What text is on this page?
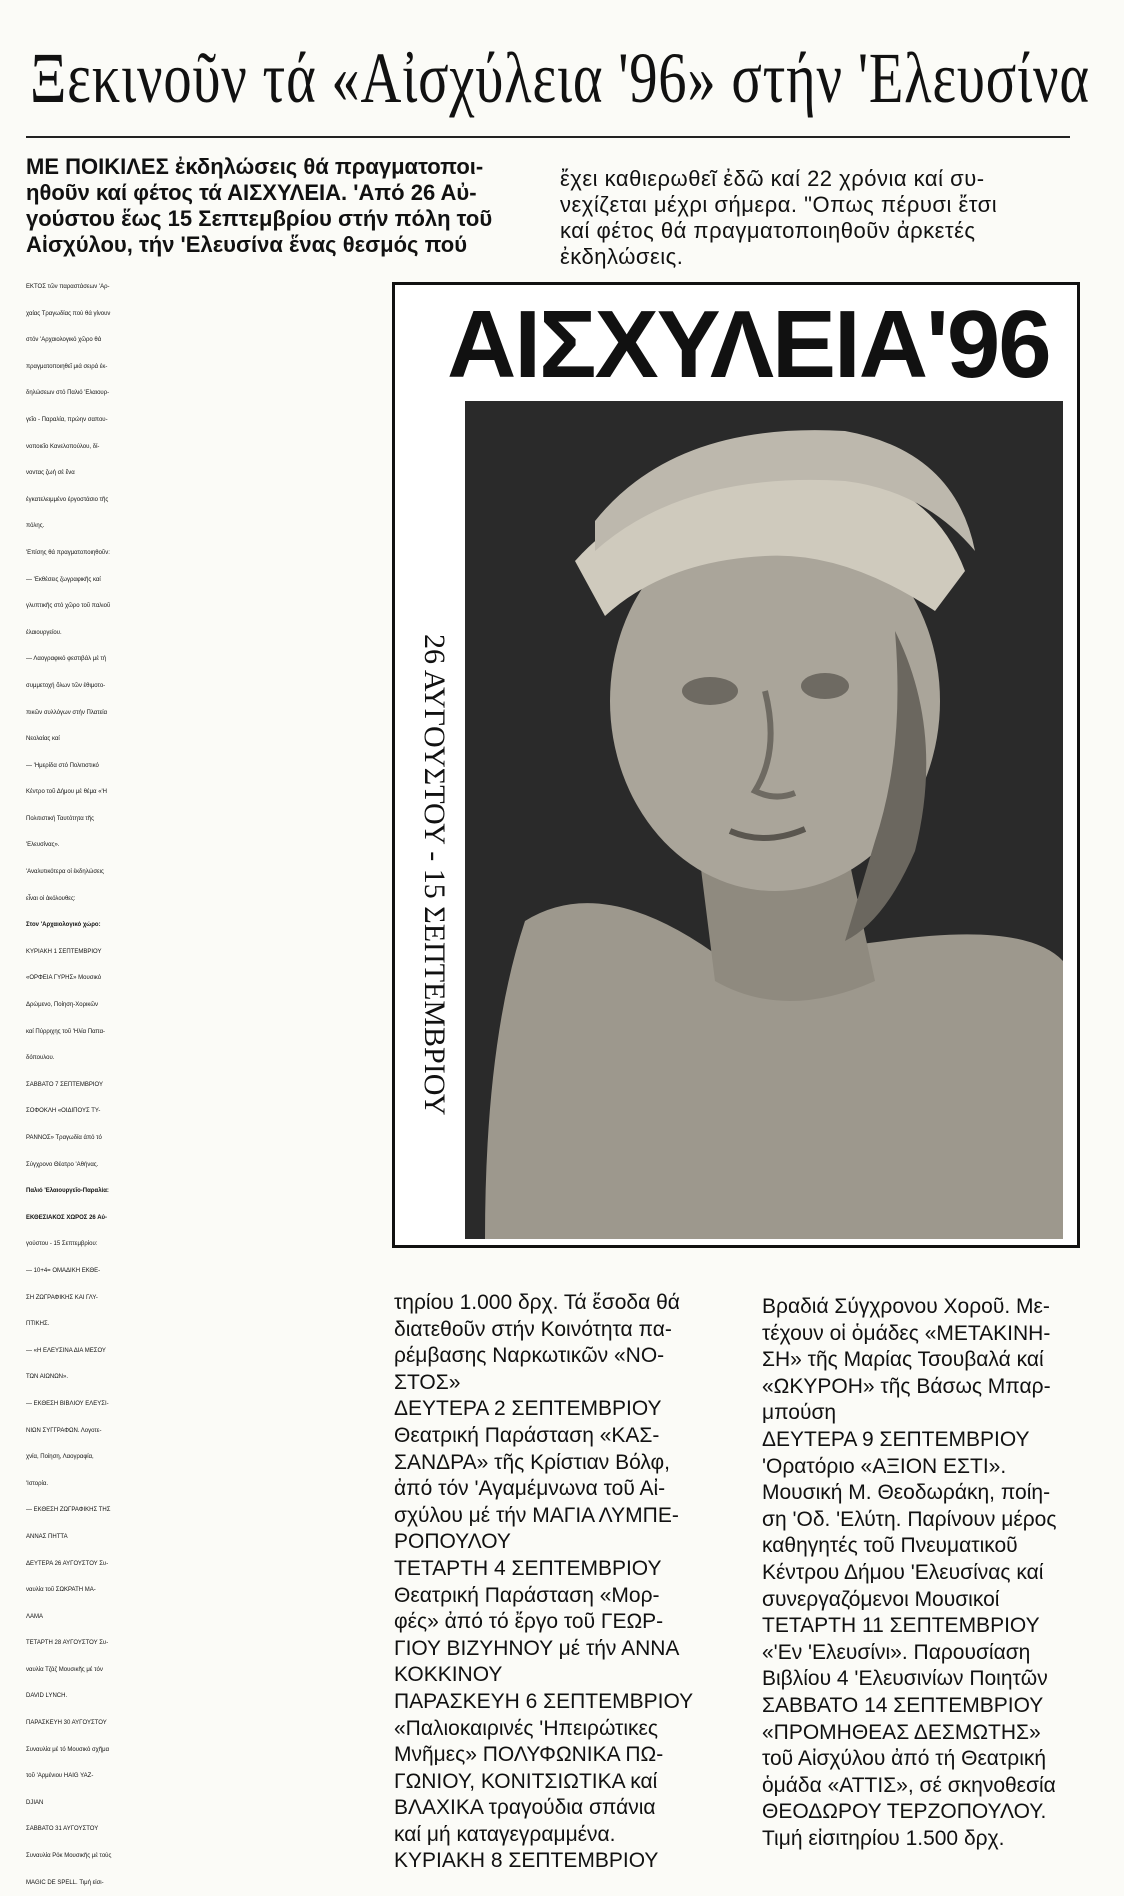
Ξεκινοῦν τά «Αἰσχύλεια '96» στήν 'Ελευσίνα

ΜΕ ΠΟΙΚΙΛΕΣ ἐκδηλώσεις θά πραγματοποι-

ηθοῦν καί φέτος τά ΑΙΣΧΥΛΕΙΑ. 'Από 26 Αὐ-

γούστου ἕως 15 Σεπτεμβρίου στήν πόλη τοῦ

Αἰσχύλου, τήν 'Ελευσίνα ἕνας θεσμός πού

ἔχει καθιερωθεῖ ἐδῶ καί 22 χρόνια καί συ-

νεχίζεται μέχρι σήμερα. "Οπως πέρυσι ἔτσι

καί φέτος θά πραγματοποιηθοῦν ἀρκετές

ἐκδηλώσεις.

ΕΚΤΟΣ τῶν παραστάσεων 'Αρ-

χαίας Τραγωδίας πού θά γίνουν

στόν 'Αρχαιολογικό χῶρο θά

πραγματοποιηθεῖ μιά σειρά ἐκ-

δηλώσεων στό Παλιό 'Ελαιουρ-

γεῖο - Παραλία, πρώην σαπου-

νοποιεῖο Κανελοπούλου, δί-

νοντας ζωή σέ ἕνα

ἐγκατελειμμένο ἐργοστάσιο τῆς

πόλης.

'Επίσης θά πραγματοποιηθοῦν:

— 'Εκθέσεις ζωγραφικῆς καί

γλυπτικῆς στό χῶρο τοῦ παλιοῦ

ἐλαιουργείου.

— Λαογραφικό φεστιβάλ μέ τή

συμμετοχή ὅλων τῶν ἐθιμοτο-

πικῶν συλλόγων στήν Πλατεία

Νεολαίας καί

— 'Ημερίδα στό Πολιτιστικό

Κέντρο τοῦ Δήμου μέ θέμα «'Η

Πολιτιστική Ταυτότητα τῆς

'Ελευσίνας».

'Αναλυτικότερα οἱ ἐκδηλώσεις

εἶναι οἱ ἀκόλουθες:

Στον 'Αρχαιολογικό χώρο:

ΚΥΡΙΑΚΗ 1 ΣΕΠΤΕΜΒΡΙΟΥ

«ΟΡΦΕΙΑ ΓΥΡΗΣ» Μουσικό

Δρώμενο, Ποίηση-Χορικῶν

καί Πύρριχης τοῦ 'Ηλία Παπα-

δόπουλου.

ΣΑΒΒΑΤΟ 7 ΣΕΠΤΕΜΒΡΙΟΥ

ΣΟΦΟΚΛΗ «ΟΙΔΙΠΟΥΣ ΤΥ-

ΡΑΝΝΟΣ» Τραγωδία ἀπό τό

Σύγχρονο Θέατρο 'Αθήνας.

Παλιό 'Ελαιουργεῖο-Παραλία:

ΕΚΘΕΣΙΑΚΟΣ ΧΩΡΟΣ 26 Αὐ-

γούστου - 15 Σεπτεμβρίου:

— 10+4= ΟΜΑΔΙΚΗ ΕΚΘΕ-

ΣΗ ΖΩΓΡΑΦΙΚΗΣ ΚΑΙ ΓΛΥ-

ΠΤΙΚΗΣ.

— «Η ΕΛΕΥΣΙΝΑ ΔΙΑ ΜΕΣΟΥ

ΤΩΝ ΑΙΩΝΩΝ».

— ΕΚΘΕΣΗ ΒΙΒΛΙΟΥ ΕΛΕΥΣΙ-

ΝΙΩΝ ΣΥΓΓΡΑΦΩΝ. Λογοτε-

χνία, Ποίηση, Λαογραφία,

'Ιστορία.

— ΕΚΘΕΣΗ ΖΩΓΡΑΦΙΚΗΣ ΤΗΣ

ΑΝΝΑΣ ΠΗΤΤΑ

ΔΕΥΤΕΡΑ 26 ΑΥΓΟΥΣΤΟΥ Συ-

ναυλία τοῦ ΣΩΚΡΑΤΗ ΜΑ-

ΛΑΜΑ

ΤΕΤΑΡΤΗ 28 ΑΥΓΟΥΣΤΟΥ Συ-

ναυλία Τζάζ Μουσικῆς μέ τόν

DAVID LYNCH.

ΠΑΡΑΣΚΕΥΗ 30 ΑΥΓΟΥΣΤΟΥ

Συναυλία μέ τό Μουσικό σχῆμα

τοῦ 'Αρμένιου HAIG YAZ-

DJIAN

ΣΑΒΒΑΤΟ 31 ΑΥΓΟΥΣΤΟΥ

Συναυλία Ρόκ Μουσικῆς μέ τούς

MAGIC DE SPELL. Τιμή εἰσι-

τηρίου 1.000 δρχ. Τά ἔσοδα θά

διατεθοῦν στήν Κοινότητα πα-

ρέμβασης Ναρκωτικῶν «ΝΟ-

ΣΤΟΣ»

ΔΕΥΤΕΡΑ 2 ΣΕΠΤΕΜΒΡΙΟΥ

Θεατρική Παράσταση «ΚΑΣ-

ΣΑΝΔΡΑ» τῆς Κρίστιαν Βόλφ,

ἀπό τόν 'Αγαμέμνωνα τοῦ Αἰ-

σχύλου μέ τήν ΜΑΓΙΑ ΛΥΜΠΕ-

ΡΟΠΟΥΛΟΥ

ΤΕΤΑΡΤΗ 4 ΣΕΠΤΕΜΒΡΙΟΥ

Θεατρική Παράσταση «Μορ-

φές» ἀπό τό ἔργο τοῦ ΓΕΩΡ-

ΓΙΟΥ ΒΙΖΥΗΝΟΥ μέ τήν ΑΝΝΑ

ΚΟΚΚΙΝΟΥ

ΠΑΡΑΣΚΕΥΗ 6 ΣΕΠΤΕΜΒΡΙΟΥ

«Παλιοκαιρινές 'Ηπειρώτικες

Μνῆμες» ΠΟΛΥΦΩΝΙΚΑ ΠΩ-

ΓΩΝΙΟΥ, ΚΟΝΙΤΣΙΩΤΙΚΑ καί

ΒΛΑΧΙΚΑ τραγούδια σπάνια

καί μή καταγεγραμμένα.

ΚΥΡΙΑΚΗ 8 ΣΕΠΤΕΜΒΡΙΟΥ

Βραδιά Σύγχρονου Χοροῦ. Με-

τέχουν οἱ ὁμάδες «ΜΕΤΑΚΙΝΗ-

ΣΗ» τῆς Μαρίας Τσουβαλά καί

«ΩΚΥΡΟΗ» τῆς Βάσως Μπαρ-

μπούση

ΔΕΥΤΕΡΑ 9 ΣΕΠΤΕΜΒΡΙΟΥ

'Ορατόριο «ΑΞΙΟΝ ΕΣΤΙ».

Μουσική Μ. Θεοδωράκη, ποίη-

ση 'Οδ. 'Ελύτη. Παρίνουν μέρος

καθηγητές τοῦ Πνευματικοῦ

Κέντρου Δήμου 'Ελευσίνας καί

συνεργαζόμενοι Μουσικοί

ΤΕΤΑΡΤΗ 11 ΣΕΠΤΕΜΒΡΙΟΥ

«'Εν 'Ελευσίνι». Παρουσίαση

Βιβλίου 4 'Ελευσινίων Ποιητῶν

ΣΑΒΒΑΤΟ 14 ΣΕΠΤΕΜΒΡΙΟΥ

«ΠΡΟΜΗΘΕΑΣ ΔΕΣΜΩΤΗΣ»

τοῦ Αἰσχύλου ἀπό τή Θεατρική

ὁμάδα «ΑΤΤΙΣ», σέ σκηνοθεσία

ΘΕΟΔΩΡΟΥ ΤΕΡΖΟΠΟΥΛΟΥ.

Τιμή εἰσιτηρίου 1.500 δρχ.

ΑΙΣΧΥΛΕΙΑ'96
26 ΑΥΓΟΥΣΤΟΥ - 15 ΣΕΠΤΕΜΒΡΙΟΥ
